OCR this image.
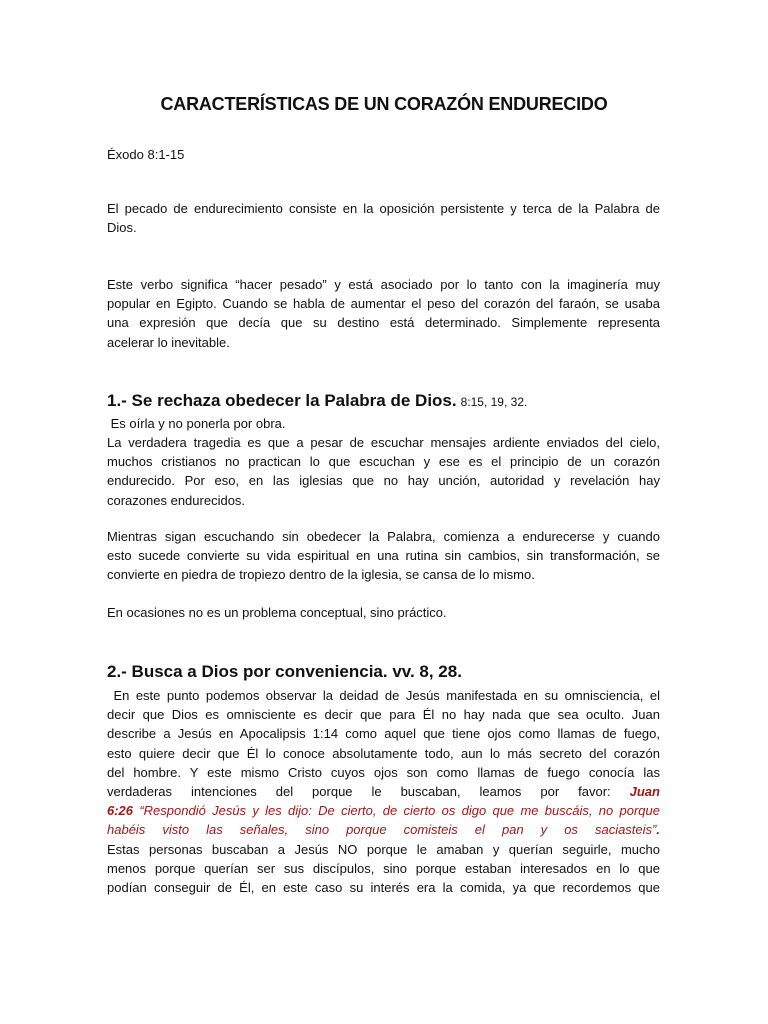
CARACTERÍSTICAS DE UN CORAZÓN ENDURECIDO

Éxodo 8:1-15

El pecado de endurecimiento consiste en la oposición persistente y terca de la Palabra de
Dios.
Este verbo significa “hacer pesado” y está asociado por lo tanto con la imaginería muy
popular en Egipto. Cuando se habla de aumentar el peso del corazón del faraón, se usaba
una expresión que decía que su destino está determinado. Simplemente representa
acelerar lo inevitable.
1.- Se rechaza obedecer la Palabra de Dios. 8:15, 19, 32.

Es oírla y no ponerla por obra.

La verdadera tragedia es que a pesar de escuchar mensajes ardiente enviados del cielo,
muchos cristianos no practican lo que escuchan y ese es el principio de un corazón
endurecido. Por eso, en las iglesias que no hay unción, autoridad y revelación hay
corazones endurecidos.
Mientras sigan escuchando sin obedecer la Palabra, comienza a endurecerse y cuando
esto sucede convierte su vida espiritual en una rutina sin cambios, sin transformación, se
convierte en piedra de tropiezo dentro de la iglesia, se cansa de lo mismo.

En ocasiones no es un problema conceptual, sino práctico.

2.- Busca a Dios por conveniencia. vv. 8, 28.
En este punto podemos observar la deidad de Jesús manifestada en su omnisciencia, el
decir que Dios es omnisciente es decir que para Él no hay nada que sea oculto. Juan
describe a Jesús en Apocalipsis 1:14 como aquel que tiene ojos como llamas de fuego,
esto quiere decir que Él lo conoce absolutamente todo, aun lo más secreto del corazón
del hombre. Y este mismo Cristo cuyos ojos son como llamas de fuego conocía las
verdaderas intenciones del porque le buscaban, leamos por favor: Juan
6:26 “Respondió Jesús y les dijo: De cierto, de cierto os digo que me buscáis, no porque
habéis visto las señales, sino porque comisteis el pan y os saciasteis”.
Estas personas buscaban a Jesús NO porque le amaban y querían seguirle, mucho
menos porque querían ser sus discípulos, sino porque estaban interesados en lo que
podían conseguir de Él, en este caso su interés era la comida, ya que recordemos que
